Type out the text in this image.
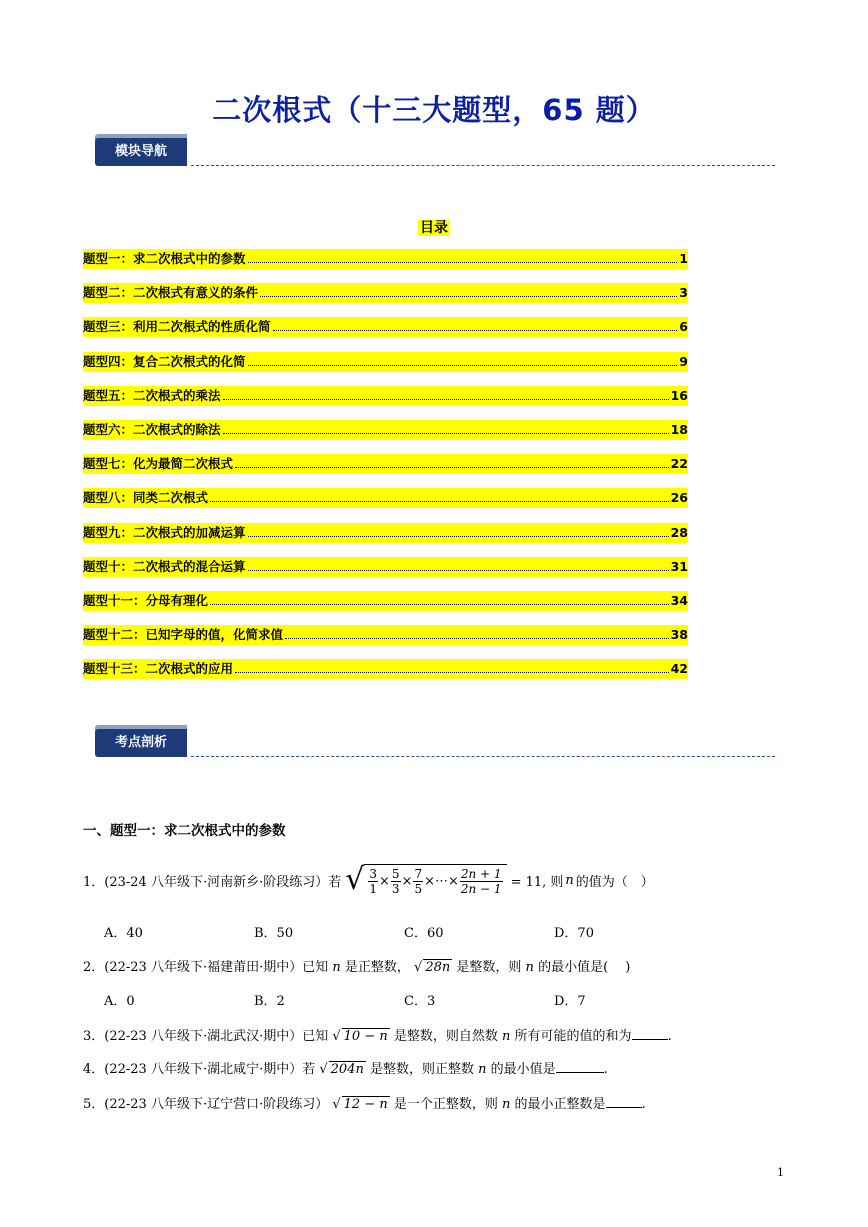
二次根式（十三大题型，65 题）
模块导航
目录
题型一：求二次根式中的参数	1
题型二：二次根式有意义的条件	3
题型三：利用二次根式的性质化简	6
题型四：复合二次根式的化简	9
题型五：二次根式的乘法	16
题型六：二次根式的除法	18
题型七：化为最简二次根式	22
题型八：同类二次根式	26
题型九：二次根式的加减运算	28
题型十：二次根式的混合运算	31
题型十一：分母有理化	34
题型十二：已知字母的值，化简求值	38
题型十三：二次根式的应用	42
考点剖析
一、题型一：求二次根式中的参数
1．(23-24 八年级下·河南新乡·阶段练习）若 √ $\frac{3}{1} \times \frac{5}{3} \times \frac{7}{5}$ ×⋯× $\frac{2n + 1}{2n - 1} = 11$, 则 n 的值为（　）
A．40	B．50	C．60	D．70
2．(22-23 八年级下·福建莆田·期中）已知 n 是正整数， √ 28n 是整数，则 n 的最小值是(　 )
A．0	B．2	C．3	D．7
3．(22-23 八年级下·湖北武汉·期中）已知 √ 10 − n 是整数，则自然数 n 所有可能的值的和为	.
4．(22-23 八年级下·湖北咸宁·期中）若 √ 204n 是整数，则正整数 n 的最小值是	.
5．(22-23 八年级下·辽宁营口·阶段练习） √ 12 − n 是一个正整数，则 n 的最小正整数是	.
1
